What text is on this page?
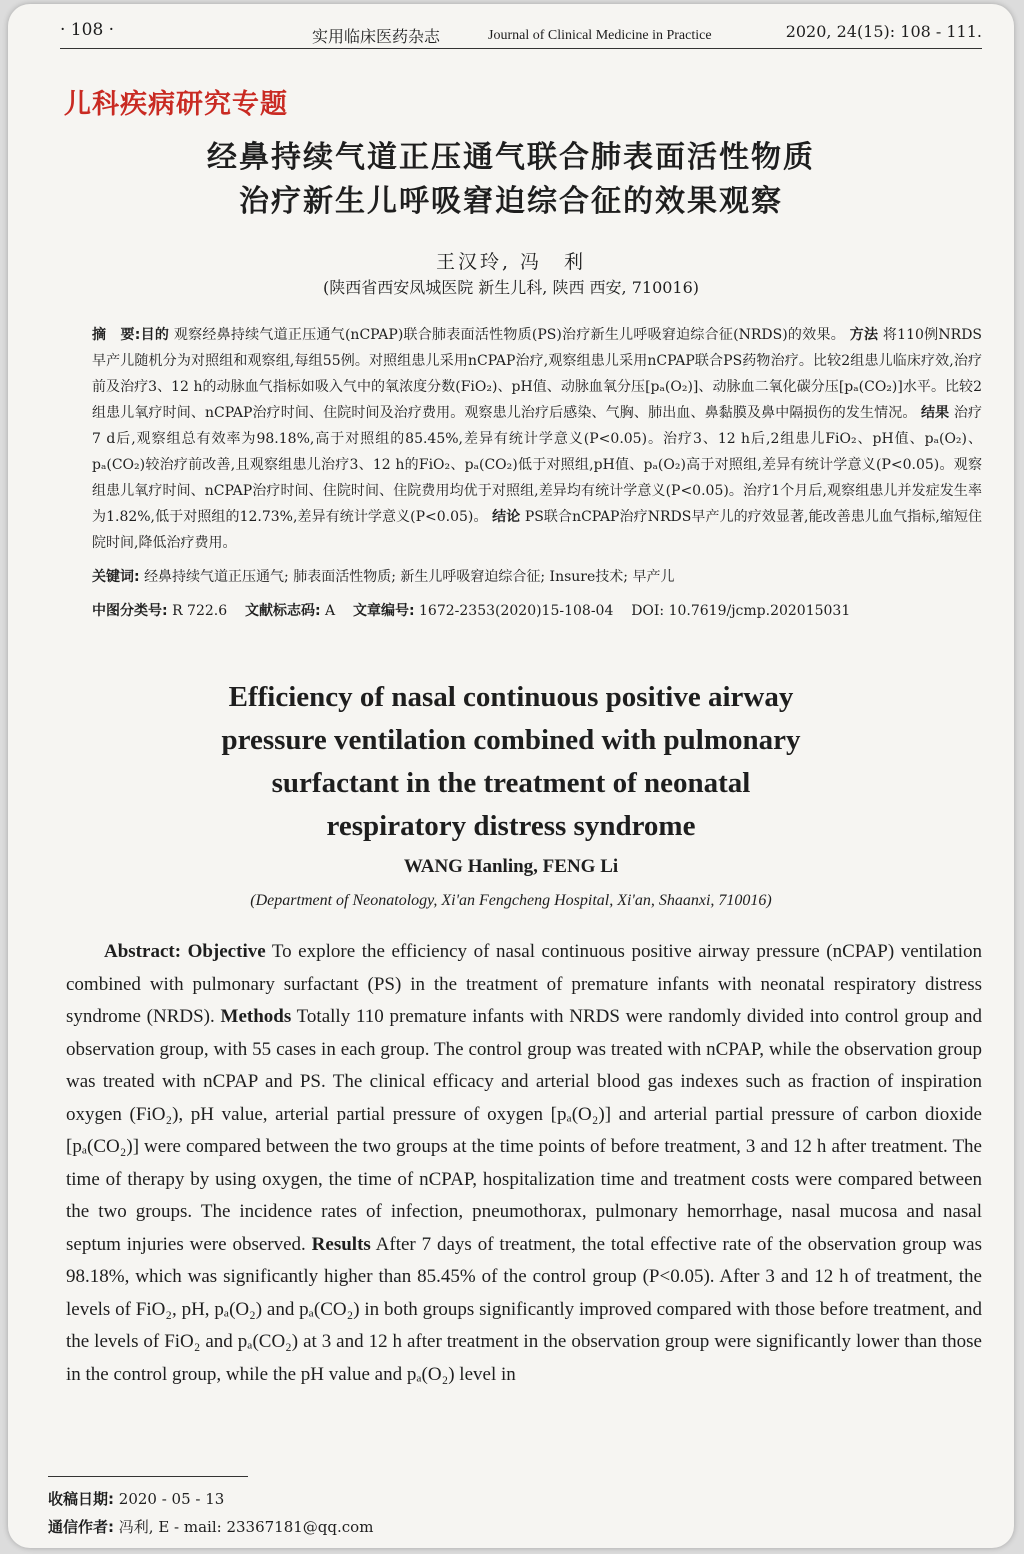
· 108 ·	实用临床医药杂志	Journal of Clinical Medicine in Practice	2020, 24(15): 108 - 111.
儿科疾病研究专题
经鼻持续气道正压通气联合肺表面活性物质
治疗新生儿呼吸窘迫综合征的效果观察
王汉玲, 冯　利
(陕西省西安凤城医院 新生儿科, 陕西 西安, 710016)
摘　要:目的 观察经鼻持续气道正压通气(nCPAP)联合肺表面活性物质(PS)治疗新生儿呼吸窘迫综合征(NRDS)的效果。 方法 将110例NRDS早产儿随机分为对照组和观察组,每组55例。对照组患儿采用nCPAP治疗,观察组患儿采用nCPAP联合PS药物治疗。比较2组患儿临床疗效,治疗前及治疗3、12 h的动脉血气指标如吸入气中的氧浓度分数(FiO₂)、pH值、动脉血氧分压[pₐ(O₂)]、动脉血二氧化碳分压[pₐ(CO₂)]水平。比较2组患儿氧疗时间、nCPAP治疗时间、住院时间及治疗费用。观察患儿治疗后感染、气胸、肺出血、鼻黏膜及鼻中隔损伤的发生情况。 结果 治疗7 d后,观察组总有效率为98.18%,高于对照组的85.45%,差异有统计学意义(P<0.05)。治疗3、12 h后,2组患儿FiO₂、pH值、pₐ(O₂)、pₐ(CO₂)较治疗前改善,且观察组患儿治疗3、12 h的FiO₂、pₐ(CO₂)低于对照组,pH值、pₐ(O₂)高于对照组,差异有统计学意义(P<0.05)。观察组患儿氧疗时间、nCPAP治疗时间、住院时间、住院费用均优于对照组,差异均有统计学意义(P<0.05)。治疗1个月后,观察组患儿并发症发生率为1.82%,低于对照组的12.73%,差异有统计学意义(P<0.05)。 结论 PS联合nCPAP治疗NRDS早产儿的疗效显著,能改善患儿血气指标,缩短住院时间,降低治疗费用。
关键词: 经鼻持续气道正压通气; 肺表面活性物质; 新生儿呼吸窘迫综合征; Insure技术; 早产儿
中图分类号: R 722.6 文献标志码: A 文章编号: 1672-2353(2020)15-108-04 DOI: 10.7619/jcmp.202015031
Efficiency of nasal continuous positive airway
pressure ventilation combined with pulmonary
surfactant in the treatment of neonatal
respiratory distress syndrome
WANG Hanling, FENG Li
(Department of Neonatology, Xi'an Fengcheng Hospital, Xi'an, Shaanxi, 710016)
Abstract: Objective To explore the efficiency of nasal continuous positive airway pressure (nCPAP) ventilation combined with pulmonary surfactant (PS) in the treatment of premature infants with neonatal respiratory distress syndrome (NRDS). Methods Totally 110 premature infants with NRDS were randomly divided into control group and observation group, with 55 cases in each group. The control group was treated with nCPAP, while the observation group was treated with nCPAP and PS. The clinical efficacy and arterial blood gas indexes such as fraction of inspiration oxygen (FiO₂), pH value, arterial partial pressure of oxygen [pₐ(O₂)] and arterial partial pressure of carbon dioxide [pₐ(CO₂)] were compared between the two groups at the time points of before treatment, 3 and 12 h after treatment. The time of therapy by using oxygen, the time of nCPAP, hospitalization time and treatment costs were compared between the two groups. The incidence rates of infection, pneumothorax, pulmonary hemorrhage, nasal mucosa and nasal septum injuries were observed. Results After 7 days of treatment, the total effective rate of the observation group was 98.18%, which was significantly higher than 85.45% of the control group (P<0.05). After 3 and 12 h of treatment, the levels of FiO₂, pH, pₐ(O₂) and pₐ(CO₂) in both groups significantly improved compared with those before treatment, and the levels of FiO₂ and pₐ(CO₂) at 3 and 12 h after treatment in the observation group were significantly lower than those in the control group, while the pH value and pₐ(O₂) level in
收稿日期: 2020 - 05 - 13
通信作者: 冯利, E - mail: 23367181@qq.com
